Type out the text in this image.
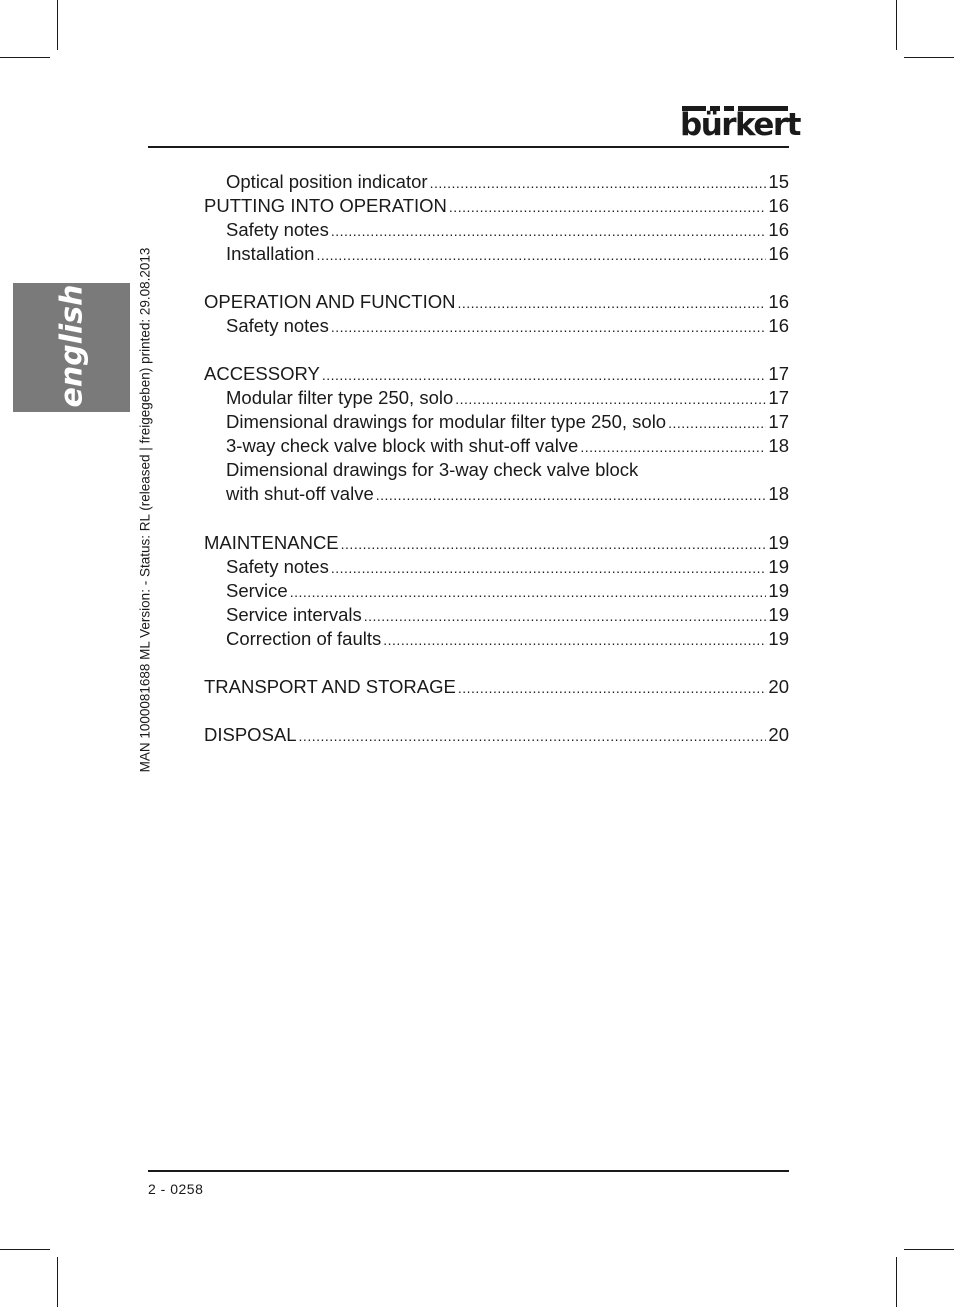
bürkert
english	MAN 1000081688 ML Version: - Status: RL (released | freigegeben) printed: 29.08.2013
Optical position indicator .....	15
PUTTING INTO OPERATION .....	16
Safety notes .....	16
Installation .....	16
OPERATION AND FUNCTION .....	16
Safety notes .....	16
ACCESSORY .....	17
Modular filter type 250, solo .....	17
Dimensional drawings for modular filter type 250, solo .....	17
3-way check valve block with shut-off valve .....	18
Dimensional drawings for 3-way check valve block
with shut-off valve .....	18
MAINTENANCE .....	19
Safety notes .....	19
Service .....	19
Service intervals .....	19
Correction of faults .....	19
TRANSPORT AND STORAGE .....	20
DISPOSAL .....	20
2 - 0258
